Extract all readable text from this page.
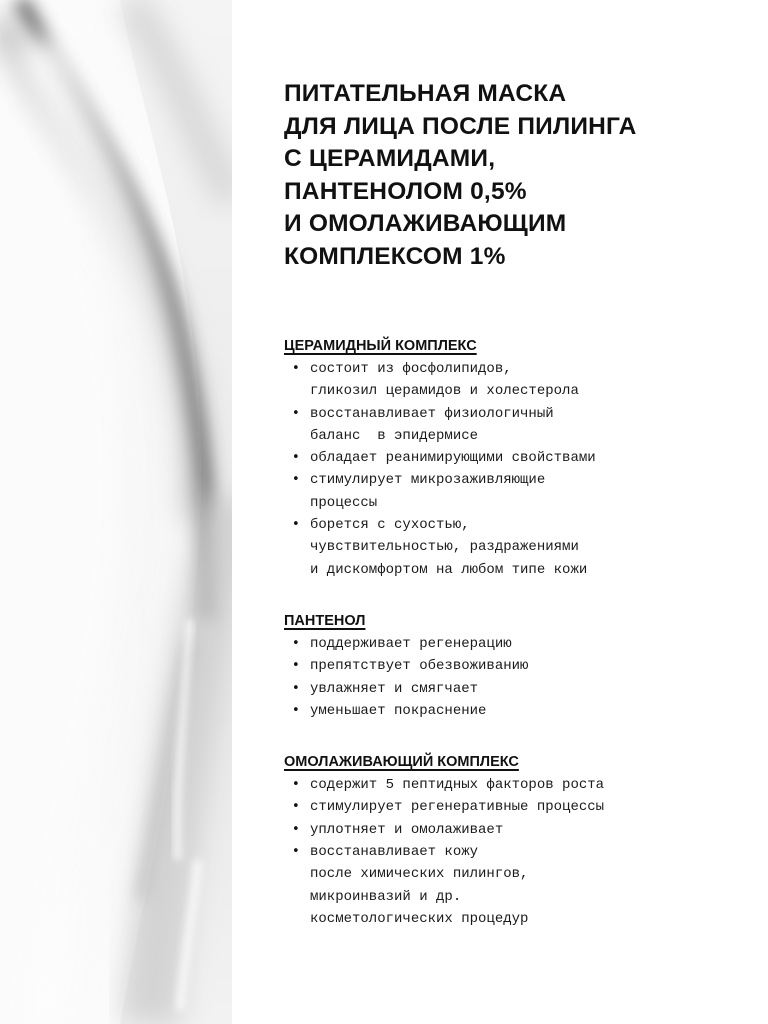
ПИТАТЕЛЬНАЯ МАСКА
ДЛЯ ЛИЦА ПОСЛЕ ПИЛИНГА
С ЦЕРАМИДАМИ,
ПАНТЕНОЛОМ 0,5%
И ОМОЛАЖИВАЮЩИМ
КОМПЛЕКСОМ 1%
ЦЕРАМИДНЫЙ КОМПЛЕКС
• состоит из фосфолипидов,
гликозил церамидов и холестерола
• восстанавливает физиологичный
баланс  в эпидермисе
• обладает реанимирующими свойствами
• стимулирует микрозаживляющие
процессы
• борется с сухостью,
чувствительностью, раздражениями
и дискомфортом на любом типе кожи
ПАНТЕНОЛ
• поддерживает регенерацию
• препятствует обезвоживанию
• увлажняет и смягчает
• уменьшает покраснение
ОМОЛАЖИВАЮЩИЙ КОМПЛЕКС
• содержит 5 пептидных факторов роста
• стимулирует регенеративные процессы
• уплотняет и омолаживает
• восстанавливает кожу
после химических пилингов,
микроинвазий и др.
косметологических процедур
